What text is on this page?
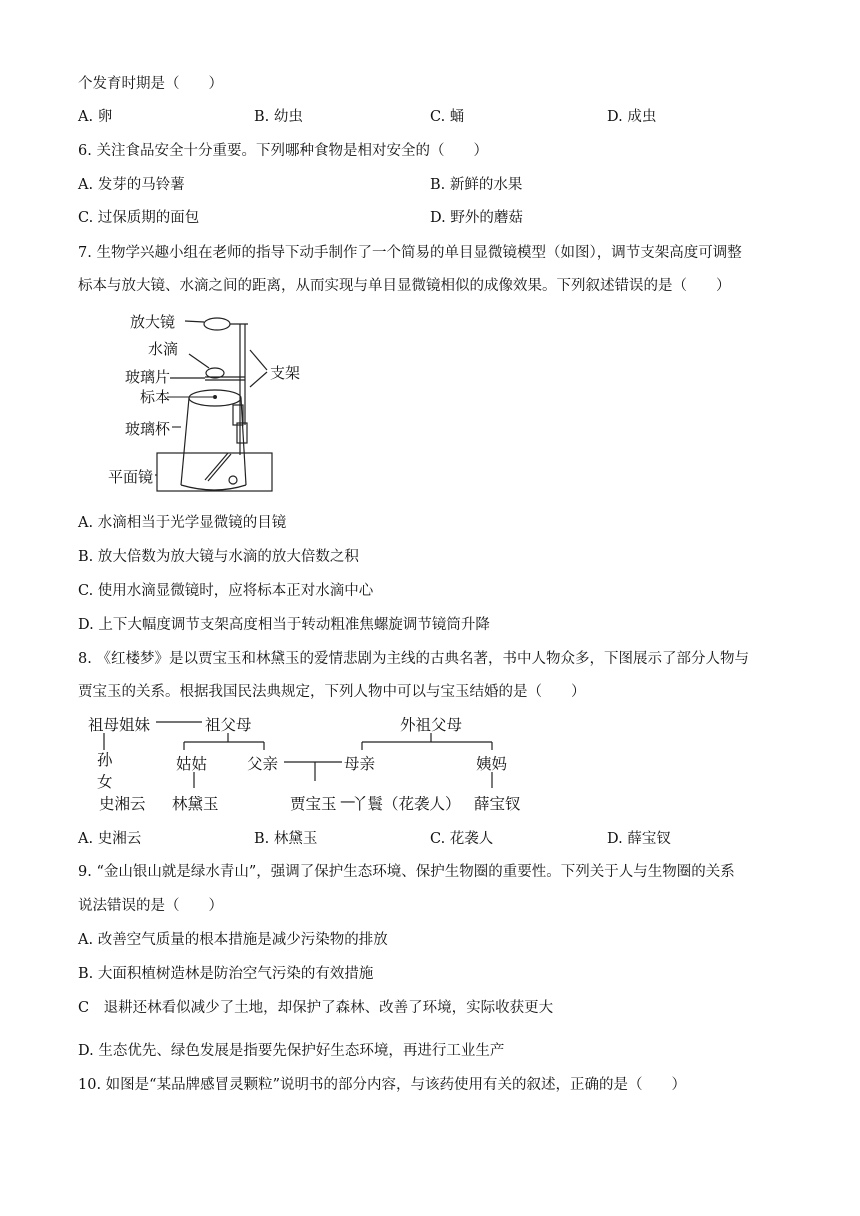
个发育时期是（　　）
A. 卵	B. 幼虫	C. 蛹	D. 成虫
6. 关注食品安全十分重要。下列哪种食物是相对安全的（　　）
A. 发芽的马铃薯	B. 新鲜的水果
C. 过保质期的面包	D. 野外的蘑菇
7. 生物学兴趣小组在老师的指导下动手制作了一个简易的单目显微镜模型（如图），调节支架高度可调整
标本与放大镜、水滴之间的距离，从而实现与单目显微镜相似的成像效果。下列叙述错误的是（　　）
放大镜
水滴
玻璃片	支架
标本
玻璃杯
平面镜
A. 水滴相当于光学显微镜的目镜
B. 放大倍数为放大镜与水滴的放大倍数之积
C. 使用水滴显微镜时，应将标本正对水滴中心
D. 上下大幅度调节支架高度相当于转动粗准焦螺旋调节镜筒升降
8. 《红楼梦》是以贾宝玉和林黛玉的爱情悲剧为主线的古典名著，书中人物众多，下图展示了部分人物与
贾宝玉的关系。根据我国民法典规定，下列人物中可以与宝玉结婚的是（　　）
祖母姐妹	祖父母	外祖父母
孙
女
姑姑	父亲	母亲	姨妈
史湘云 林黛玉	贾宝玉 —
丫鬟（花袭人） 薛宝钗
A. 史湘云	B. 林黛玉	C. 花袭人	D. 薛宝钗
9. “金山银山就是绿水青山”，强调了保护生态环境、保护生物圈的重要性。下列关于人与生物圈的关系
说法错误的是（　　）
A. 改善空气质量的根本措施是减少污染物的排放
B. 大面积植树造林是防治空气污染的有效措施
C　退耕还林看似减少了土地，却保护了森林、改善了环境，实际收获更大
D. 生态优先、绿色发展是指要先保护好生态环境，再进行工业生产
10. 如图是“某品牌感冒灵颗粒”说明书的部分内容，与该药使用有关的叙述，正确的是（　　）
